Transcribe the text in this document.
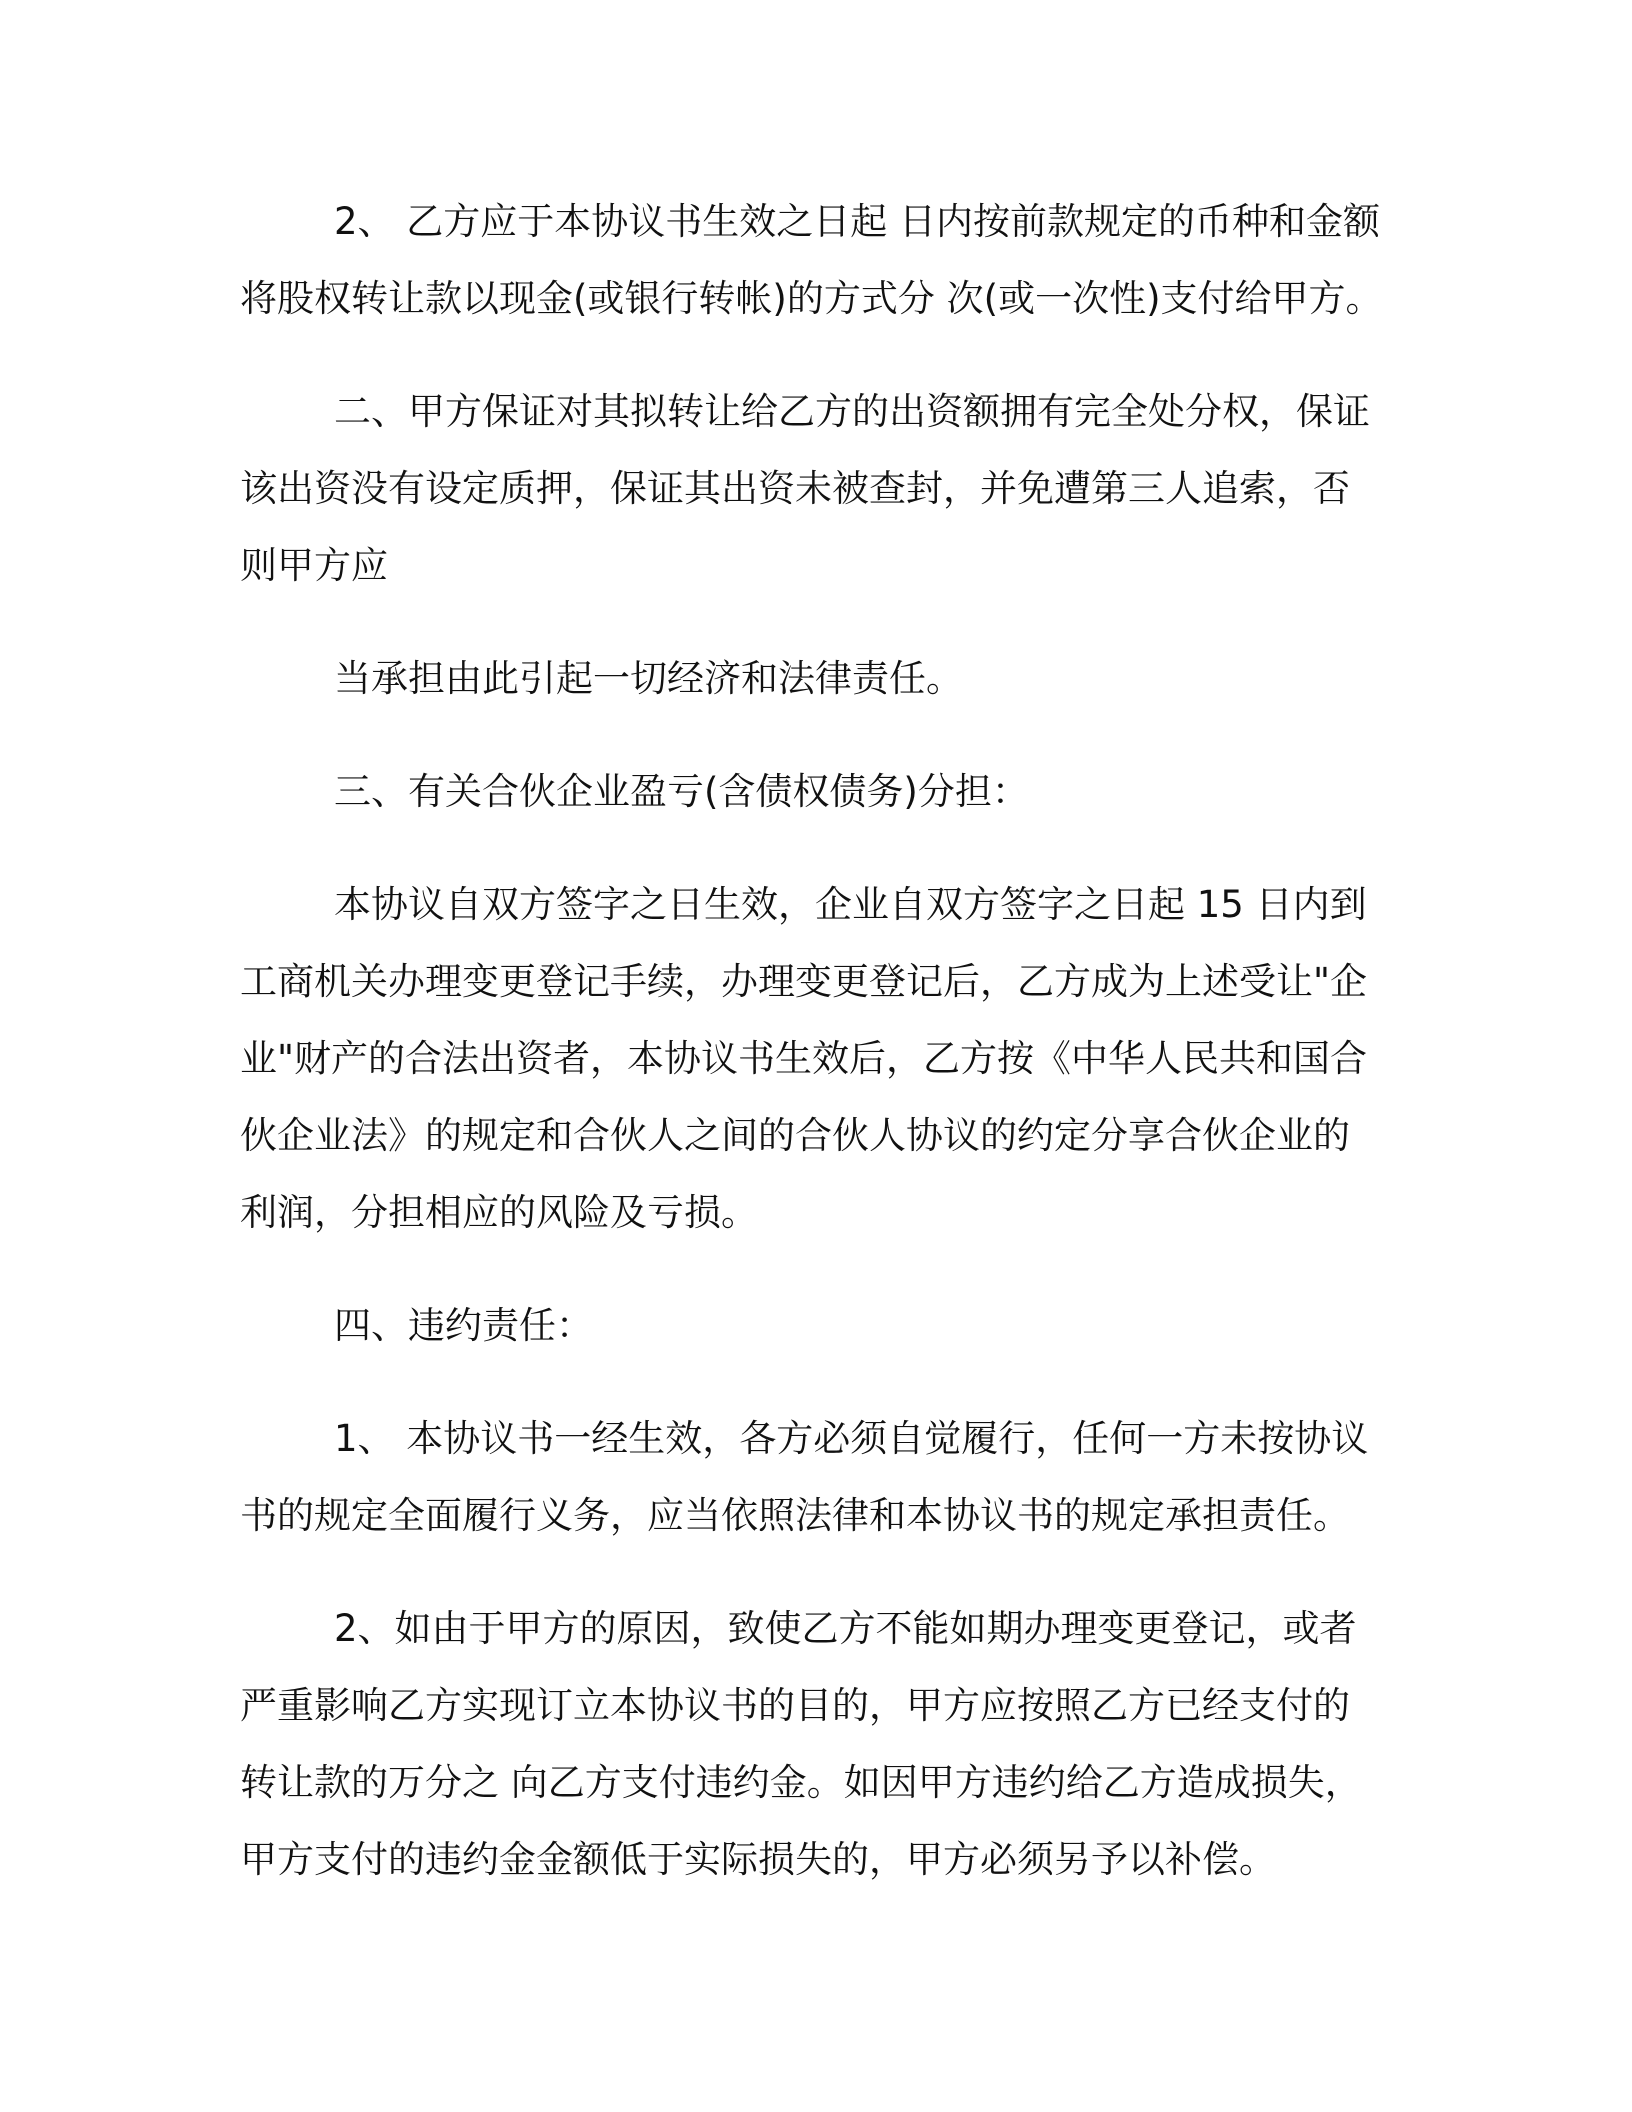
2、 乙方应于本协议书生效之日起 日内按前款规定的币种和金额
将股权转让款以现金(或银行转帐)的方式分 次(或一次性)支付给甲方。

二、甲方保证对其拟转让给乙方的出资额拥有完全处分权，保证
该出资没有设定质押，保证其出资未被查封，并免遭第三人追索，否
则甲方应

当承担由此引起一切经济和法律责任。

三、有关合伙企业盈亏(含债权债务)分担：

本协议自双方签字之日生效，企业自双方签字之日起 15 日内到
工商机关办理变更登记手续，办理变更登记后，乙方成为上述受让"企
业"财产的合法出资者，本协议书生效后，乙方按《中华人民共和国合
伙企业法》的规定和合伙人之间的合伙人协议的约定分享合伙企业的
利润，分担相应的风险及亏损。

四、违约责任：

1、 本协议书一经生效，各方必须自觉履行，任何一方未按协议
书的规定全面履行义务，应当依照法律和本协议书的规定承担责任。

2、如由于甲方的原因，致使乙方不能如期办理变更登记，或者
严重影响乙方实现订立本协议书的目的，甲方应按照乙方已经支付的
转让款的万分之 向乙方支付违约金。如因甲方违约给乙方造成损失，
甲方支付的违约金金额低于实际损失的，甲方必须另予以补偿。
